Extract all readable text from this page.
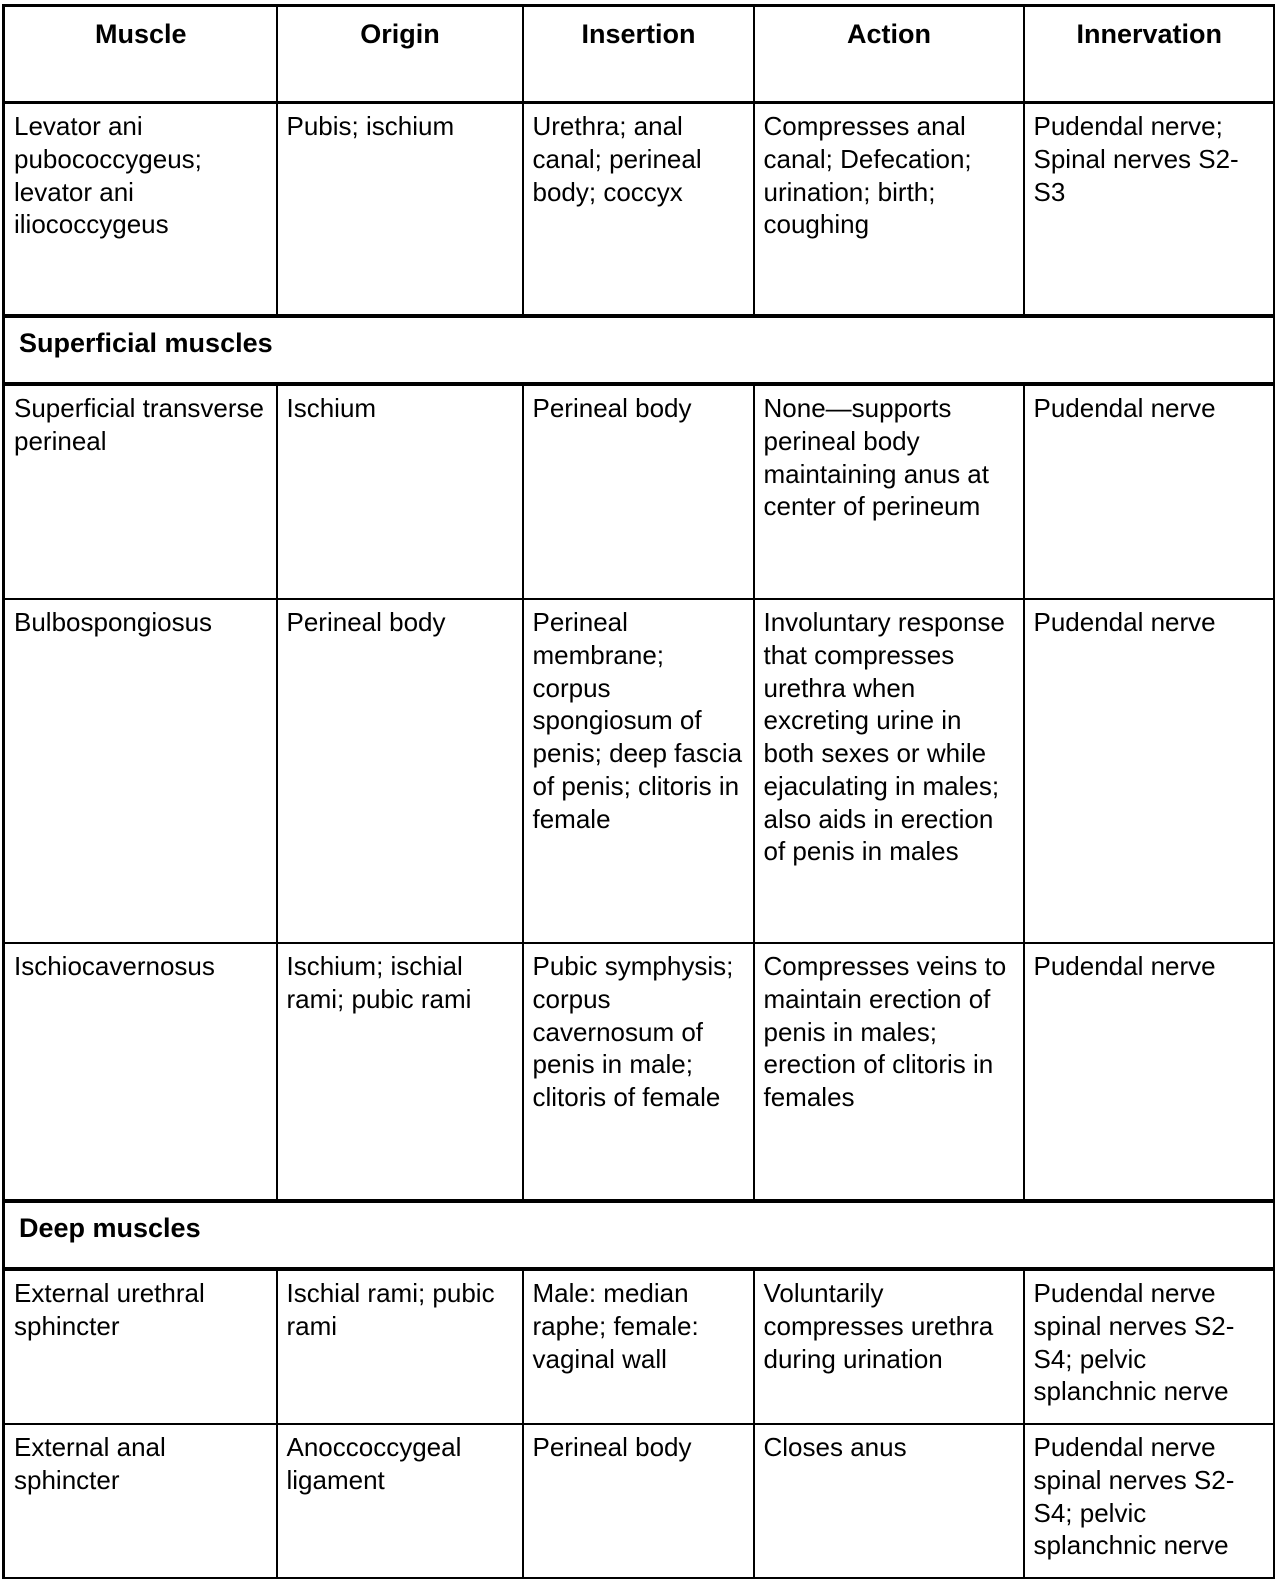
Muscle	Origin	Insertion	Action	Innervation
Levator ani pubococcygeus; levator ani iliococcygeus	Pubis; ischium	Urethra; anal canal; perineal body; coccyx	Compresses anal canal; Defecation; urination; birth; coughing	Pudendal nerve; Spinal nerves S2-S3
Superficial muscles				
Superficial transverse perineal	Ischium	Perineal body	None—supports perineal body maintaining anus at center of perineum	Pudendal nerve
Bulbospongiosus	Perineal body	Perineal membrane; corpus spongiosum of penis; deep fascia of penis; clitoris in female	Involuntary response that compresses urethra when excreting urine in both sexes or while ejaculating in males; also aids in erection of penis in males	Pudendal nerve
Ischiocavernosus	Ischium; ischial rami; pubic rami	Pubic symphysis; corpus cavernosum of penis in male; clitoris of female	Compresses veins to maintain erection of penis in males; erection of clitoris in females	Pudendal nerve
Deep muscles				
External urethral sphincter	Ischial rami; pubic rami	Male: median raphe; female: vaginal wall	Voluntarily compresses urethra during urination	Pudendal nerve spinal nerves S2-S4; pelvic splanchnic nerve
External anal sphincter	Anoccoccygeal ligament	Perineal body	Closes anus	Pudendal nerve spinal nerves S2-S4; pelvic splanchnic nerve
